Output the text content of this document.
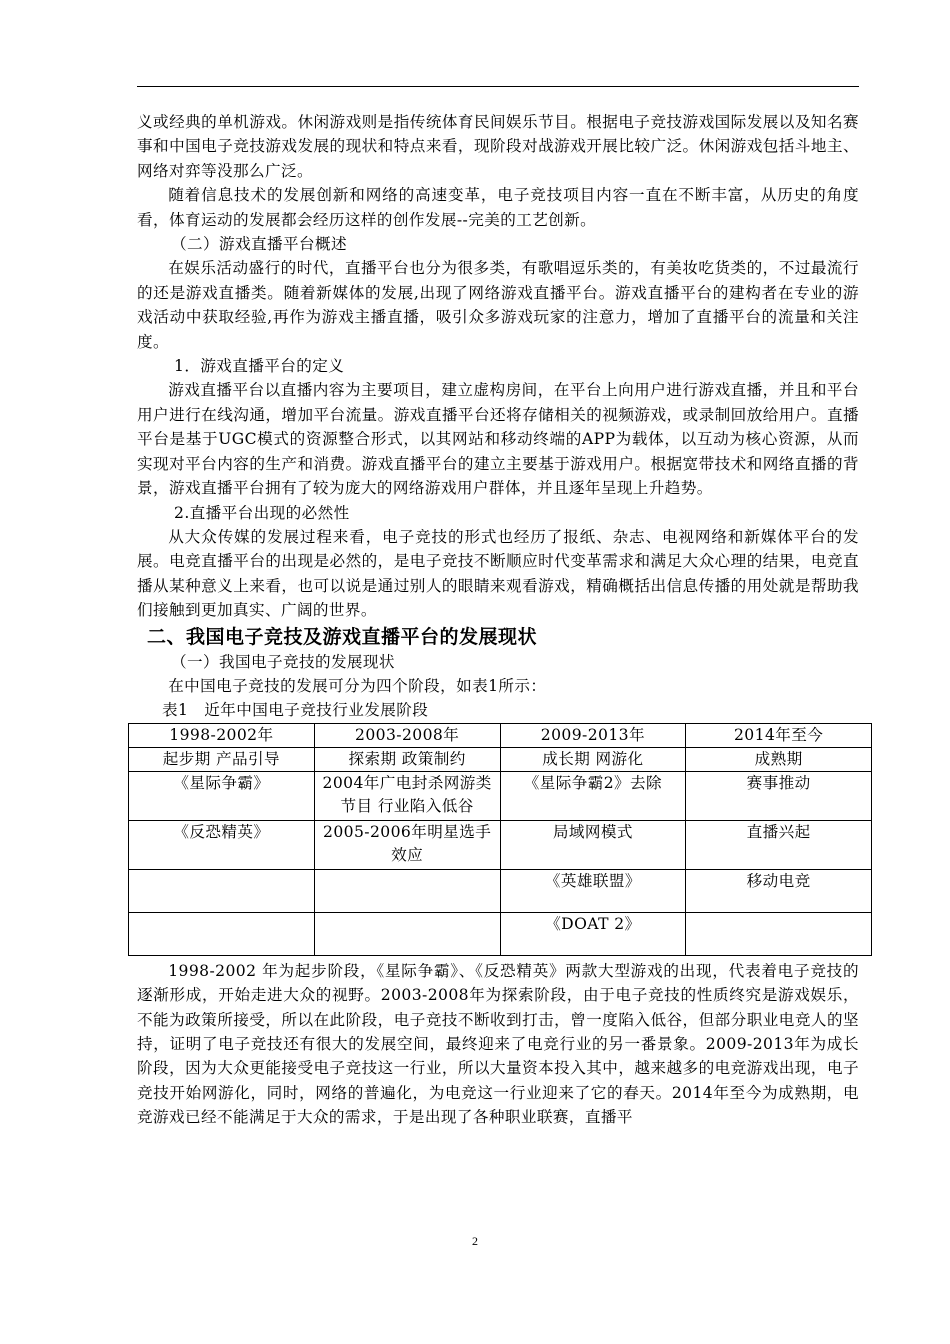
义或经典的单机游戏。休闲游戏则是指传统体育民间娱乐节目。根据电子竞技游戏国际发展以及知名赛事和中国电子竞技游戏发展的现状和特点来看，现阶段对战游戏开展比较广泛。休闲游戏包括斗地主、网络对弈等没那么广泛。

随着信息技术的发展创新和网络的高速变革，电子竞技项目内容一直在不断丰富，从历史的角度看，体育运动的发展都会经历这样的创作发展--完美的工艺创新。

（二）游戏直播平台概述

在娱乐活动盛行的时代，直播平台也分为很多类，有歌唱逗乐类的，有美妆吃货类的，不过最流行的还是游戏直播类。随着新媒体的发展,出现了网络游戏直播平台。游戏直播平台的建构者在专业的游戏活动中获取经验,再作为游戏主播直播，吸引众多游戏玩家的注意力，增加了直播平台的流量和关注度。

1．游戏直播平台的定义

游戏直播平台以直播内容为主要项目，建立虚构房间，在平台上向用户进行游戏直播，并且和平台用户进行在线沟通，增加平台流量。游戏直播平台还将存储相关的视频游戏，或录制回放给用户。直播平台是基于UGC模式的资源整合形式，以其网站和移动终端的APP为载体，以互动为核心资源，从而实现对平台内容的生产和消费。游戏直播平台的建立主要基于游戏用户。根据宽带技术和网络直播的背景，游戏直播平台拥有了较为庞大的网络游戏用户群体，并且逐年呈现上升趋势。

2.直播平台出现的必然性

从大众传媒的发展过程来看，电子竞技的形式也经历了报纸、杂志、电视网络和新媒体平台的发展。电竞直播平台的出现是必然的，是电子竞技不断顺应时代变革需求和满足大众心理的结果，电竞直播从某种意义上来看，也可以说是通过别人的眼睛来观看游戏，精确概括出信息传播的用处就是帮助我们接触到更加真实、广阔的世界。

二、我国电子竞技及游戏直播平台的发展现状

（一）我国电子竞技的发展现状

在中国电子竞技的发展可分为四个阶段，如表1所示：

表1　近年中国电子竞技行业发展阶段

1998-2002年	2003-2008年	2009-2013年	2014年至今
起步期 产品引导	探索期 政策制约	成长期 网游化	成熟期
《星际争霸》	2004年广电封杀网游类节目 行业陷入低谷	《星际争霸2》去除	赛事推动
《反恐精英》	2005-2006年明星选手效应	局域网模式	直播兴起
		《英雄联盟》	移动电竞
		《DOAT 2》	

1998-2002 年为起步阶段，《星际争霸》、《反恐精英》两款大型游戏的出现，代表着电子竞技的逐渐形成，开始走进大众的视野。2003-2008年为探索阶段，由于电子竞技的性质终究是游戏娱乐，不能为政策所接受，所以在此阶段，电子竞技不断收到打击，曾一度陷入低谷，但部分职业电竞人的坚持，证明了电子竞技还有很大的发展空间，最终迎来了电竞行业的另一番景象。2009-2013年为成长阶段，因为大众更能接受电子竞技这一行业，所以大量资本投入其中，越来越多的电竞游戏出现，电子竞技开始网游化，同时，网络的普遍化，为电竞这一行业迎来了它的春天。2014年至今为成熟期，电竞游戏已经不能满足于大众的需求，于是出现了各种职业联赛，直播平

2
